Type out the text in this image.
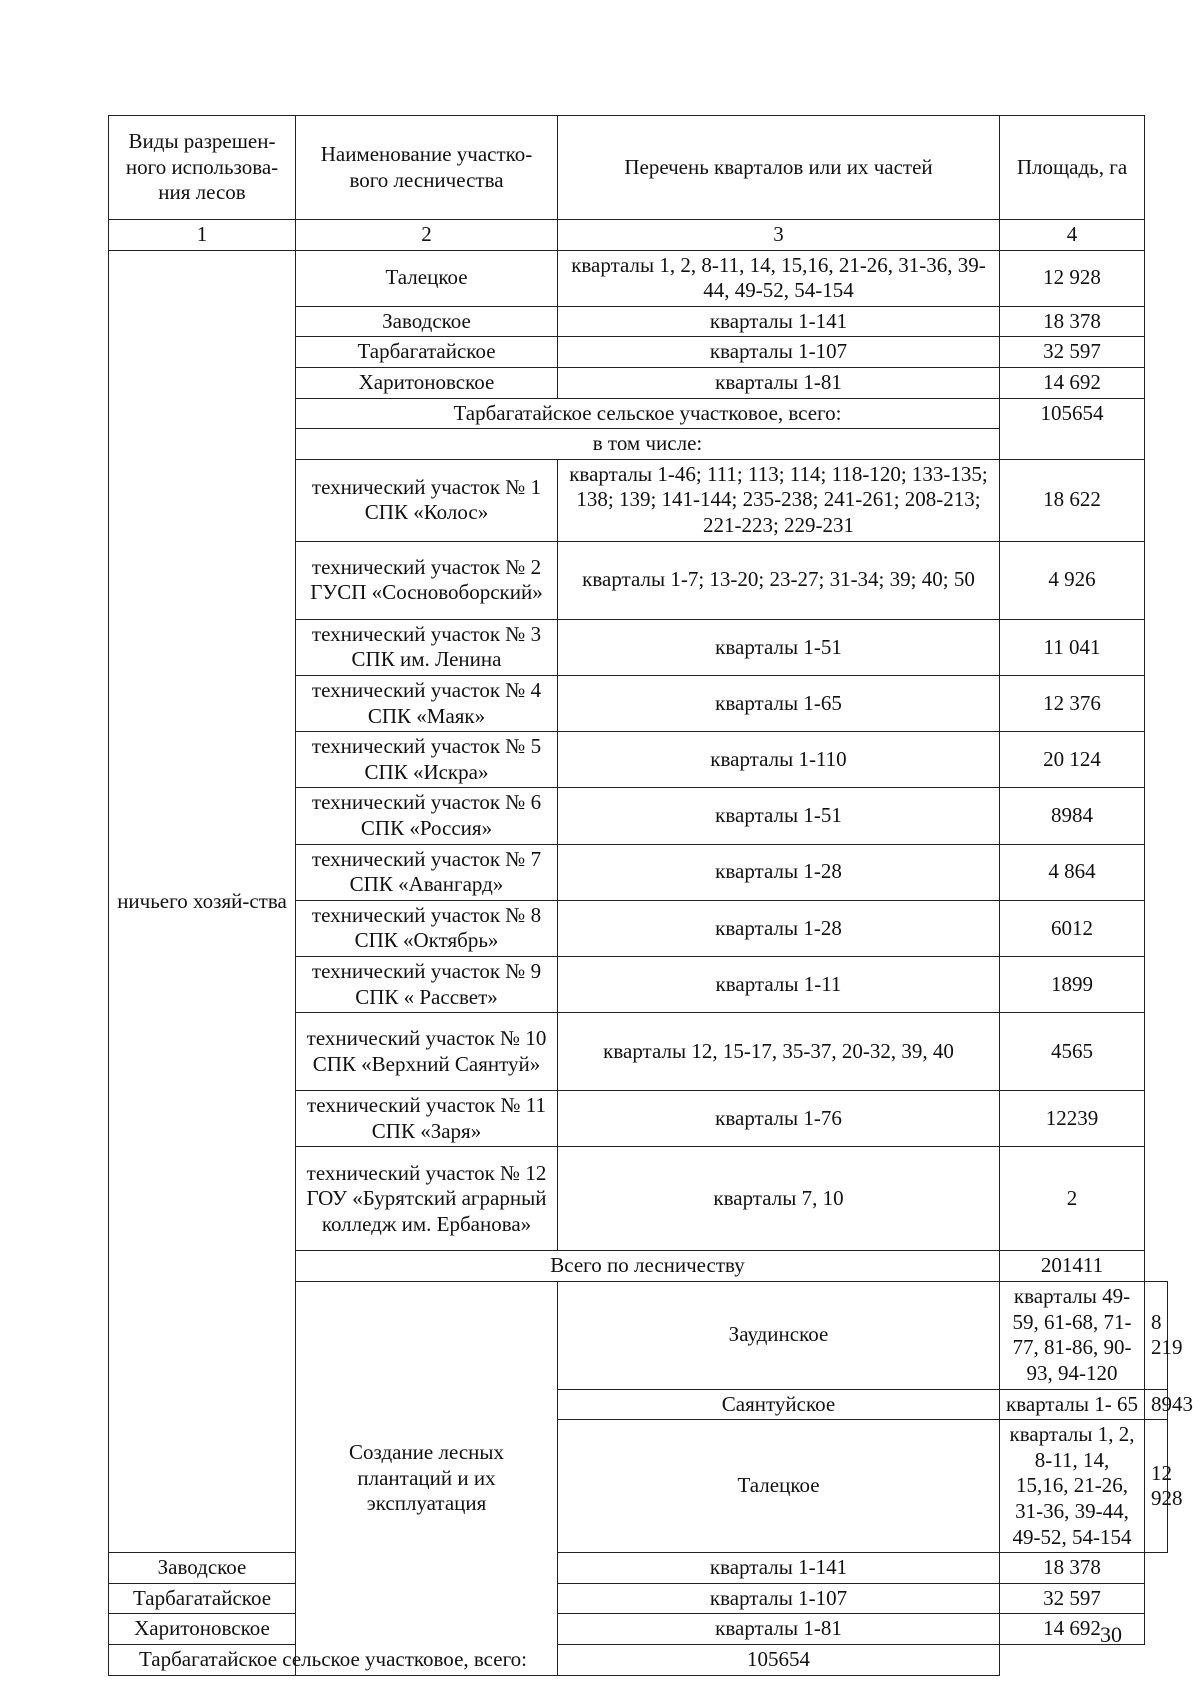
Виды разрешен-ного использова-ния лесов	Наименование участко-вого лесничества	Перечень кварталов или их частей	Площадь, га	
1	2	3	4	
ничьего хозяй-ства	Талецкое	кварталы 1, 2, 8-11, 14, 15,16, 21-26, 31-36, 39-44, 49-52, 54-154	12 928	
	Заводское	кварталы 1-141	18 378	
	Тарбагатайское	кварталы 1-107	32 597	
	Харитоновское	кварталы 1-81	14 692	
	Тарбагатайское сельское участковое, всего:		105654	
	в том числе:			
	технический участок № 1 СПК «Колос»	кварталы 1-46; 111; 113; 114; 118-120; 133-135; 138; 139; 141-144; 235-238; 241-261; 208-213; 221-223; 229-231	18 622	
	технический участок № 2 ГУСП «Сосновоборский»	кварталы 1-7; 13-20; 23-27; 31-34; 39; 40; 50	4 926	
	технический участок № 3 СПК им. Ленина	кварталы 1-51	11 041	
	технический участок № 4 СПК «Маяк»	кварталы 1-65	12 376	
	технический участок № 5 СПК «Искра»	кварталы 1-110	20 124	
	технический участок № 6 СПК «Россия»	кварталы 1-51	8984	
	технический участок № 7 СПК «Авангард»	кварталы 1-28	4 864	
	технический участок № 8 СПК «Октябрь»	кварталы 1-28	6012	
	технический участок № 9 СПК « Рассвет»	кварталы 1-11	1899	
	технический участок № 10 СПК «Верхний Саянтуй»	кварталы 12, 15-17, 35-37, 20-32, 39, 40	4565	
	технический участок № 11 СПК «Заря»	кварталы 1-76	12239	
	технический участок № 12 ГОУ «Бурятский аграрный колледж им. Ербанова»	кварталы 7, 10	2	
	Всего по лесничеству		201411	
	Создание лесных плантаций и их эксплуатация	Заудинское	кварталы 49-59, 61-68, 71-77, 81-86, 90-93, 94-120	8 219
		Саянтуйское	кварталы 1- 65	8943
		Талецкое	кварталы 1, 2, 8-11, 14, 15,16, 21-26, 31-36, 39-44, 49-52, 54-154	12 928
Заводское		кварталы 1-141	18 378	
Тарбагатайское		кварталы 1-107	32 597	
Харитоновское		кварталы 1-81	14 692	
Тарбагатайское сельское участковое, всего:		105654		
30
